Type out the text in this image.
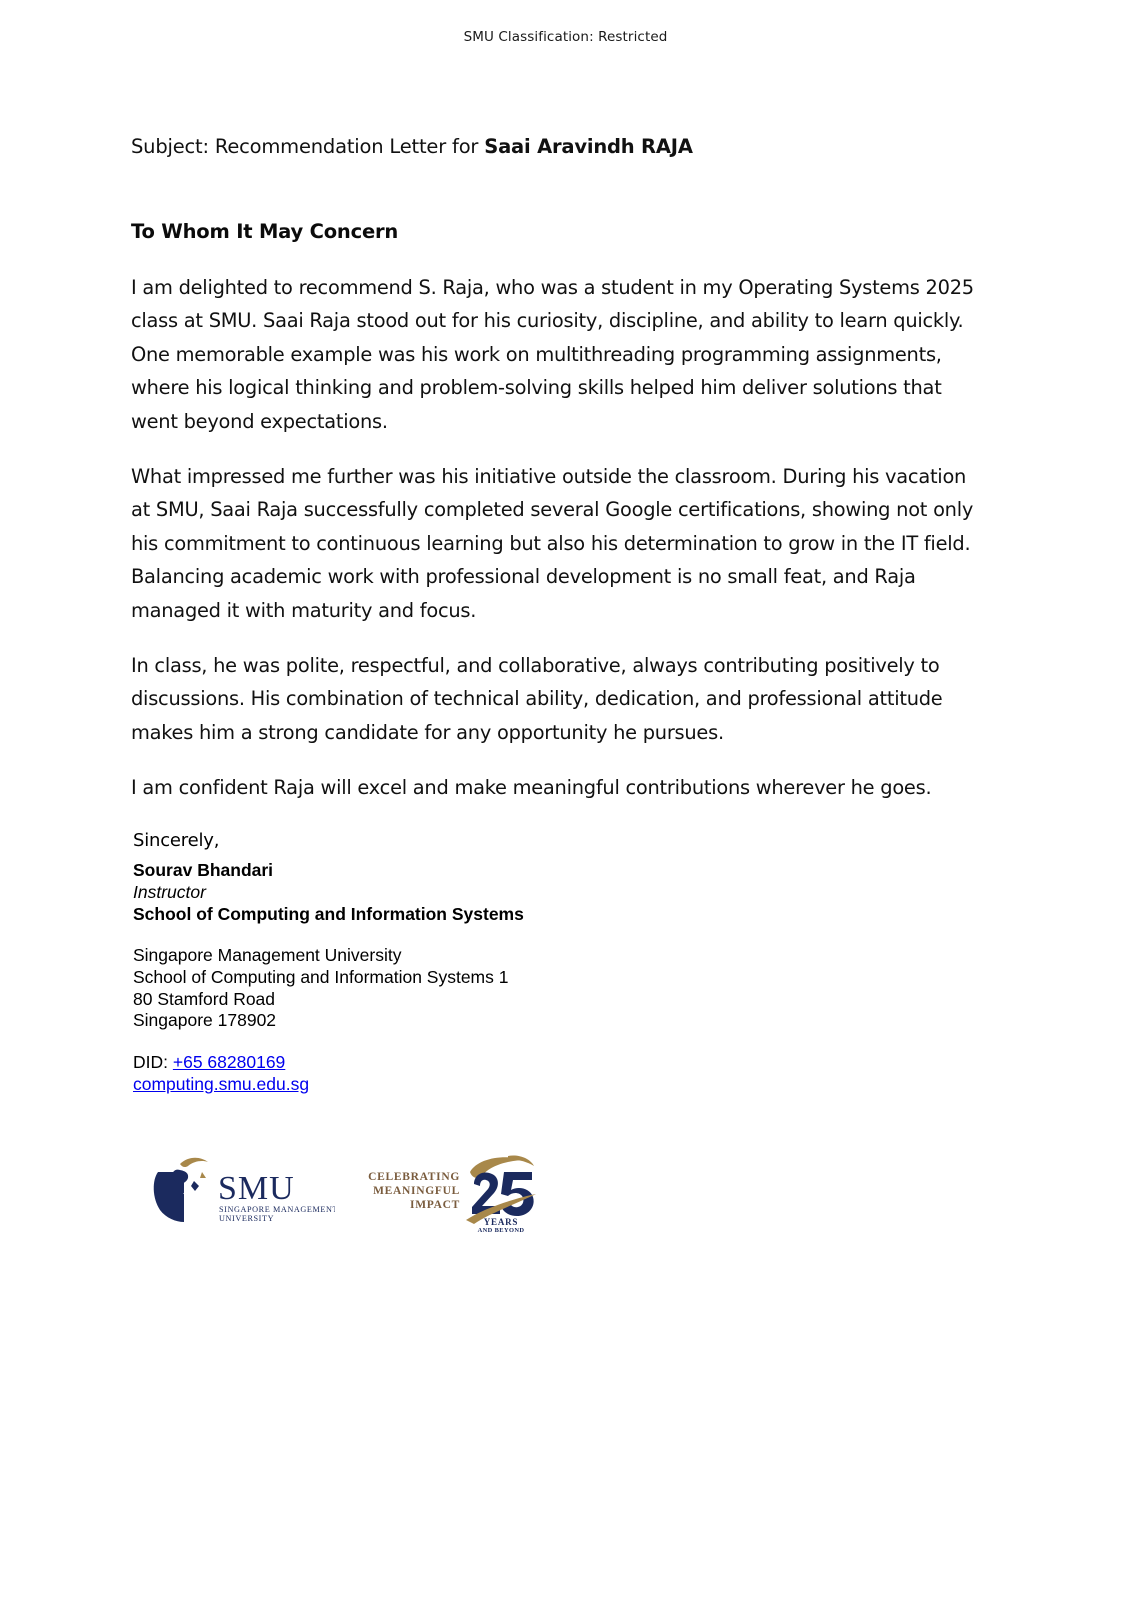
SMU Classification: Restricted
Subject: Recommendation Letter for Saai Aravindh RAJA
To Whom It May Concern

I am delighted to recommend S. Raja, who was a student in my Operating Systems 2025 class at SMU. Saai Raja stood out for his curiosity, discipline, and ability to learn quickly. One memorable example was his work on multithreading programming assignments, where his logical thinking and problem-solving skills helped him deliver solutions that went beyond expectations.

What impressed me further was his initiative outside the classroom. During his vacation at SMU, Saai Raja successfully completed several Google certifications, showing not only his commitment to continuous learning but also his determination to grow in the IT field. Balancing academic work with professional development is no small feat, and Raja managed it with maturity and focus.

In class, he was polite, respectful, and collaborative, always contributing positively to discussions. His combination of technical ability, dedication, and professional attitude makes him a strong candidate for any opportunity he pursues.

I am confident Raja will excel and make meaningful contributions wherever he goes.

Sincerely,
Sourav Bhandari
Instructor
School of Computing and Information Systems
Singapore Management University
School of Computing and Information Systems 1
80 Stamford Road
Singapore 178902
DID: +65 68280169
computing.smu.edu.sg
SMU
SINGAPORE MANAGEMENT
UNIVERSITY
CELEBRATING
MEANINGFUL
IMPACT
YEARS
AND BEYOND
